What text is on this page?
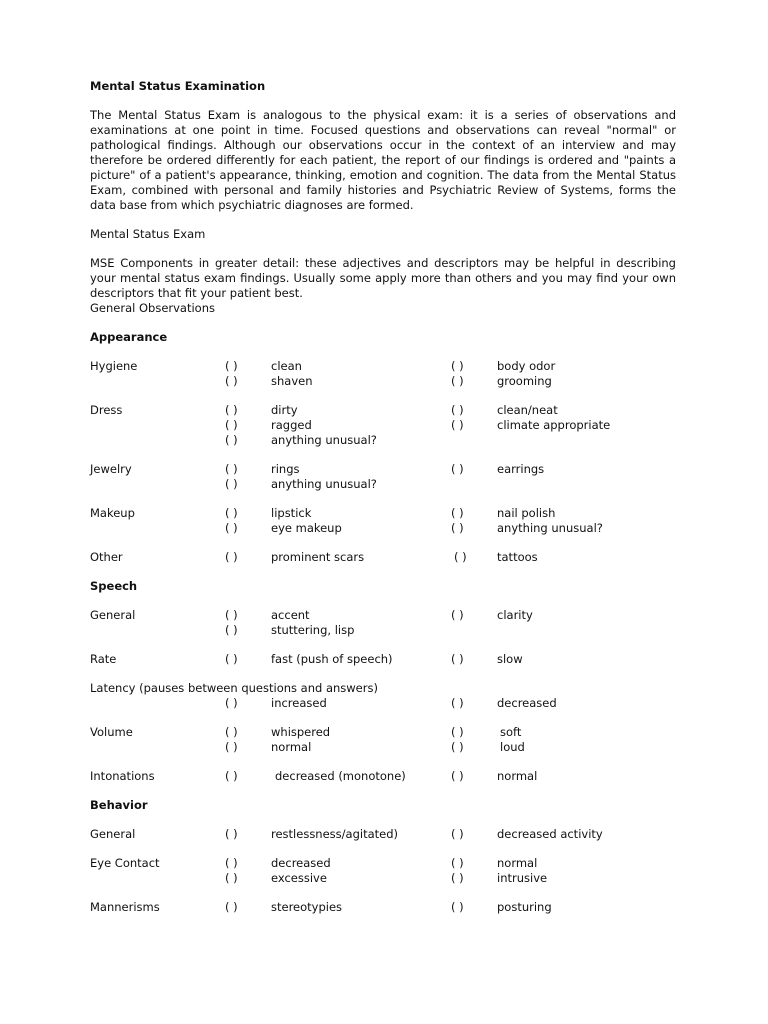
Mental Status Examination

The Mental Status Exam is analogous to the physical exam: it is a series of observations and examinations at one point in time. Focused questions and observations can reveal "normal" or pathological findings. Although our observations occur in the context of an interview and may therefore be ordered differently for each patient, the report of our findings is ordered and "paints a picture" of a patient's appearance, thinking, emotion and cognition. The data from the Mental Status Exam, combined with personal and family histories and Psychiatric Review of Systems, forms the data base from which psychiatric diagnoses are formed.

Mental Status Exam

MSE Components in greater detail: these adjectives and descriptors may be helpful in describing your mental status exam findings. Usually some apply more than others and you may find your own descriptors that fit your patient best.

General Observations
Appearance
Hygiene	( )	clean	( )	body odor
( )	shaven	( )	grooming
Dress	( )	dirty	( )	clean/neat
( )	ragged	( )	climate appropriate
( )	anything unusual?
Jewelry	( )	rings	( )	earrings
( )	anything unusual?
Makeup	( )	lipstick	( )	nail polish
( )	eye makeup	( )	anything unusual?
Other	( )	prominent scars	( )	tattoos
Speech
General	( )	accent	( )	clarity
( )	stuttering, lisp
Rate	( )	fast (push of speech)	( )	slow
Latency (pauses between questions and answers)
( )	increased	( )	decreased
Volume	( )	whispered	( )	soft
( )	normal	( )	loud
Intonations	( )	decreased (monotone)	( )	normal
Behavior
General	( )	restlessness/agitated)	( )	decreased activity
Eye Contact	( )	decreased	( )	normal
( )	excessive	( )	intrusive
Mannerisms	( )	stereotypies	( )	posturing
